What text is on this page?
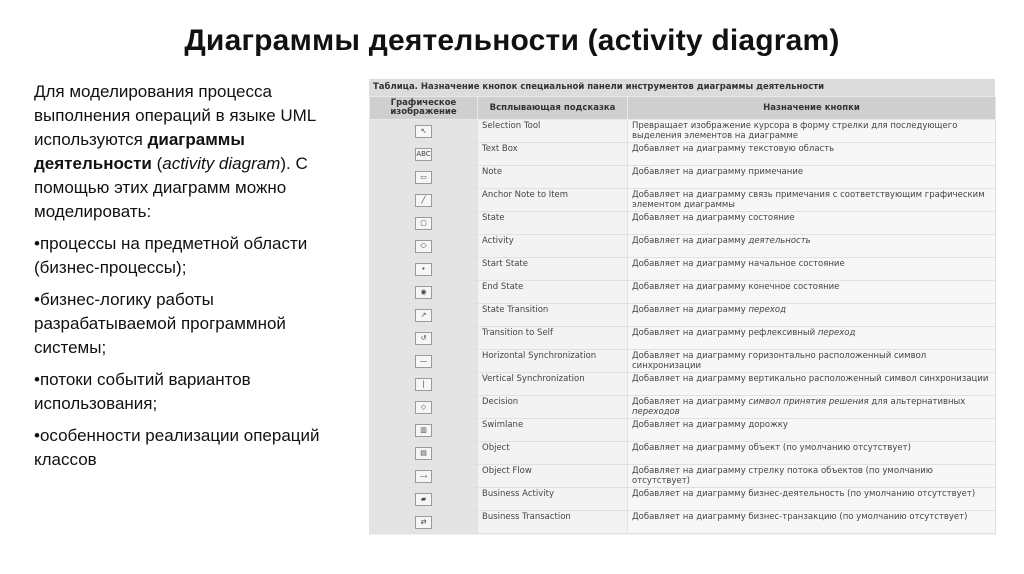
Диаграммы деятельности (activity diagram)

Для моделирования процесса выполнения операций в языке UML используются диаграммы деятельности (activity diagram). С помощью этих диаграмм можно моделировать:

•процессы на предметной области (бизнес-процессы);

•бизнес-логику работы разрабатываемой программной системы;

•потоки событий вариантов использования;

•особенности реализации операций классов

Таблица. Назначение кнопок специальной панели инструментов диаграммы деятельности
Графическое изображение	Всплывающая подсказка	Назначение кнопки
↖	Selection Tool	Превращает изображение курсора в форму стрелки для последующего выделения элементов на диаграмме
ABC	Text Box	Добавляет на диаграмму текстовую область
▭	Note	Добавляет на диаграмму примечание
╱	Anchor Note to Item	Добавляет на диаграмму связь примечания с соответствующим графическим элементом диаграммы
▢	State	Добавляет на диаграмму состояние
⬭	Activity	Добавляет на диаграмму деятельность
•	Start State	Добавляет на диаграмму начальное состояние
◉	End State	Добавляет на диаграмму конечное состояние
↗	State Transition	Добавляет на диаграмму переход
↺	Transition to Self	Добавляет на диаграмму рефлексивный переход
—	Horizontal Synchronization	Добавляет на диаграмму горизонтально расположенный символ синхронизации
|	Vertical Synchronization	Добавляет на диаграмму вертикально расположенный символ синхронизации
◇	Decision	Добавляет на диаграмму символ принятия решения для альтернативных переходов
▥	Swimlane	Добавляет на диаграмму дорожку
▤	Object	Добавляет на диаграмму объект (по умолчанию отсутствует)
⤏	Object Flow	Добавляет на диаграмму стрелку потока объектов (по умолчанию отсутствует)
▰	Business Activity	Добавляет на диаграмму бизнес-деятельность (по умолчанию отсутствует)
⇄	Business Transaction	Добавляет на диаграмму бизнес-транзакцию (по умолчанию отсутствует)
